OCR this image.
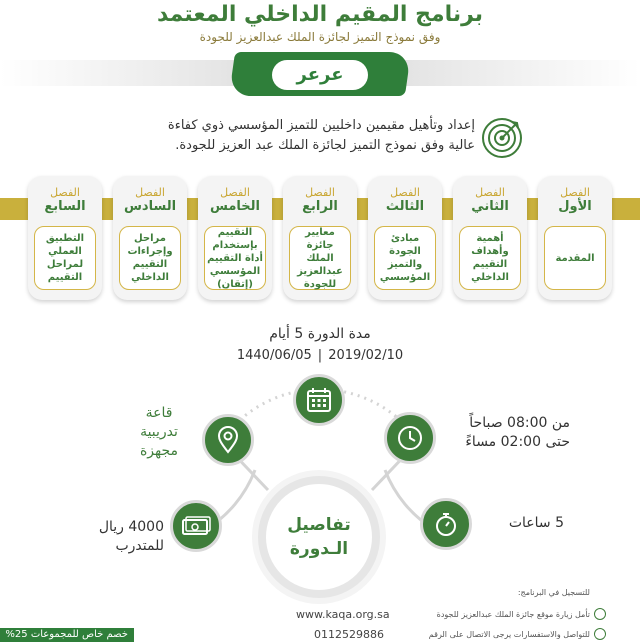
برنامج المقيم الداخلي المعتمد
وفق نموذج التميز لجائزة الملك عبدالعزيز للجودة
عرعر
إعداد وتأهيل مقيمين داخليين للتميز المؤسسي ذوي كفاءة
عالية وفق نموذج التميز لجائزة الملك عبد العزيز للجودة.
الفصل
الأول
المقدمة
الفصل
الثاني
أهمية وأهداف التقييم الداخلي
الفصل
الثالث
مبادئ الجودة والتميز المؤسسي
الفصل
الرابع
معايير جائزة الملك عبدالعزيز للجودة
الفصل
الخامس
التقييم بإستخدام أداة التقييم المؤسسي (إتقان)
الفصل
السادس
مراحل وإجراءات التقييم الداخلي
الفصل
السابع
التطبيق العملي لمراحل التقييم
مدة الدورة 5 أيام
1440/06/05 | 2019/02/10
تفاصيل
الـدورة
قاعة
تدريبية
مجهزة
من 08:00 صباحاً
حتى 02:00 مساءً
4000 ريال
للمتدرب
5 ساعات
للتسجيل في البرنامج:
تأمل زيارة موقع جائزة الملك عبدالعزيز للجودة
www.kaqa.org.sa
للتواصل والاستفسارات يرجى الاتصال على الرقم
0112529886
خصم خاص للمجموعات 25%
